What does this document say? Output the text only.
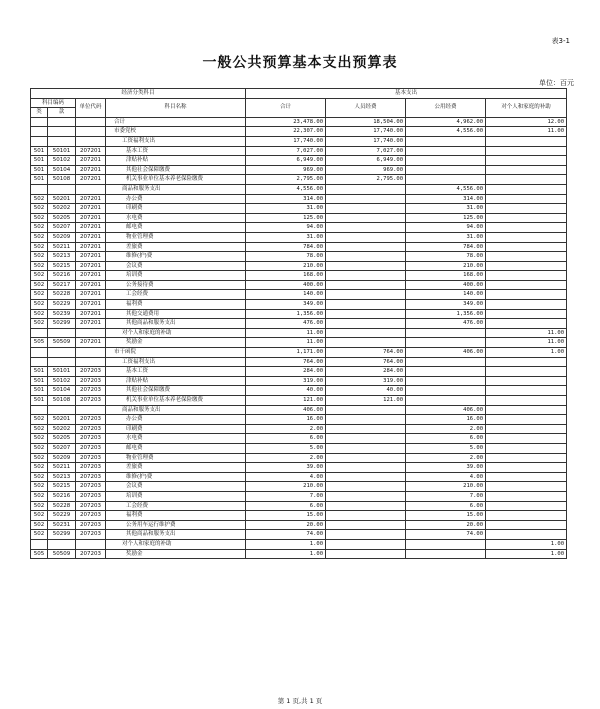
表3-1
一般公共预算基本支出预算表
单位：百元
经济分类科目				基本支出			
科目编码		单位代码	科目名称	合计	人员经费	公用经费	对个人和家庭的补助
类	款						
			合计	23,478.00	18,504.00	4,962.00	12.00
			市委党校	22,307.00	17,740.00	4,556.00	11.00
			工资福利支出	17,740.00	17,740.00		
501	50101	207201	基本工资	7,027.00	7,027.00		
501	50102	207201	津贴补贴	6,949.00	6,949.00		
501	50104	207201	其他社会保障缴费	969.00	969.00		
501	50108	207201	机关事业单位基本养老保险缴费	2,795.00	2,795.00		
			商品和服务支出	4,556.00		4,556.00	
502	50201	207201	办公费	314.00		314.00	
502	50202	207201	印刷费	31.00		31.00	
502	50205	207201	水电费	125.00		125.00	
502	50207	207201	邮电费	94.00		94.00	
502	50209	207201	物业管理费	31.00		31.00	
502	50211	207201	差旅费	784.00		784.00	
502	50213	207201	维修(护)费	78.00		78.00	
502	50215	207201	会议费	210.00		210.00	
502	50216	207201	培训费	168.00		168.00	
502	50217	207201	公务接待费	400.00		400.00	
502	50228	207201	工会经费	140.00		140.00	
502	50229	207201	福利费	349.00		349.00	
502	50239	207201	其他交通费用	1,356.00		1,356.00	
502	50299	207201	其他商品和服务支出	476.00		476.00	
			对个人和家庭的补助	11.00			11.00
505	50509	207201	奖励金	11.00			11.00
			市干函院	1,171.00	764.00	406.00	1.00
			工资福利支出	764.00	764.00		
501	50101	207203	基本工资	284.00	284.00		
501	50102	207203	津贴补贴	319.00	319.00		
501	50104	207203	其他社会保障缴费	40.00	40.00		
501	50108	207203	机关事业单位基本养老保险缴费	121.00	121.00		
			商品和服务支出	406.00		406.00	
502	50201	207203	办公费	16.00		16.00	
502	50202	207203	印刷费	2.00		2.00	
502	50205	207203	水电费	6.00		6.00	
502	50207	207203	邮电费	5.00		5.00	
502	50209	207203	物业管理费	2.00		2.00	
502	50211	207203	差旅费	39.00		39.00	
502	50213	207203	维修(护)费	4.00		4.00	
502	50215	207203	会议费	210.00		210.00	
502	50216	207203	培训费	7.00		7.00	
502	50228	207203	工会经费	6.00		6.00	
502	50229	207203	福利费	15.00		15.00	
502	50231	207203	公务用车运行维护费	20.00		20.00	
502	50299	207203	其他商品和服务支出	74.00		74.00	
			对个人和家庭的补助	1.00			1.00
505	50509	207203	奖励金	1.00			1.00
第 1 页,共 1 页
